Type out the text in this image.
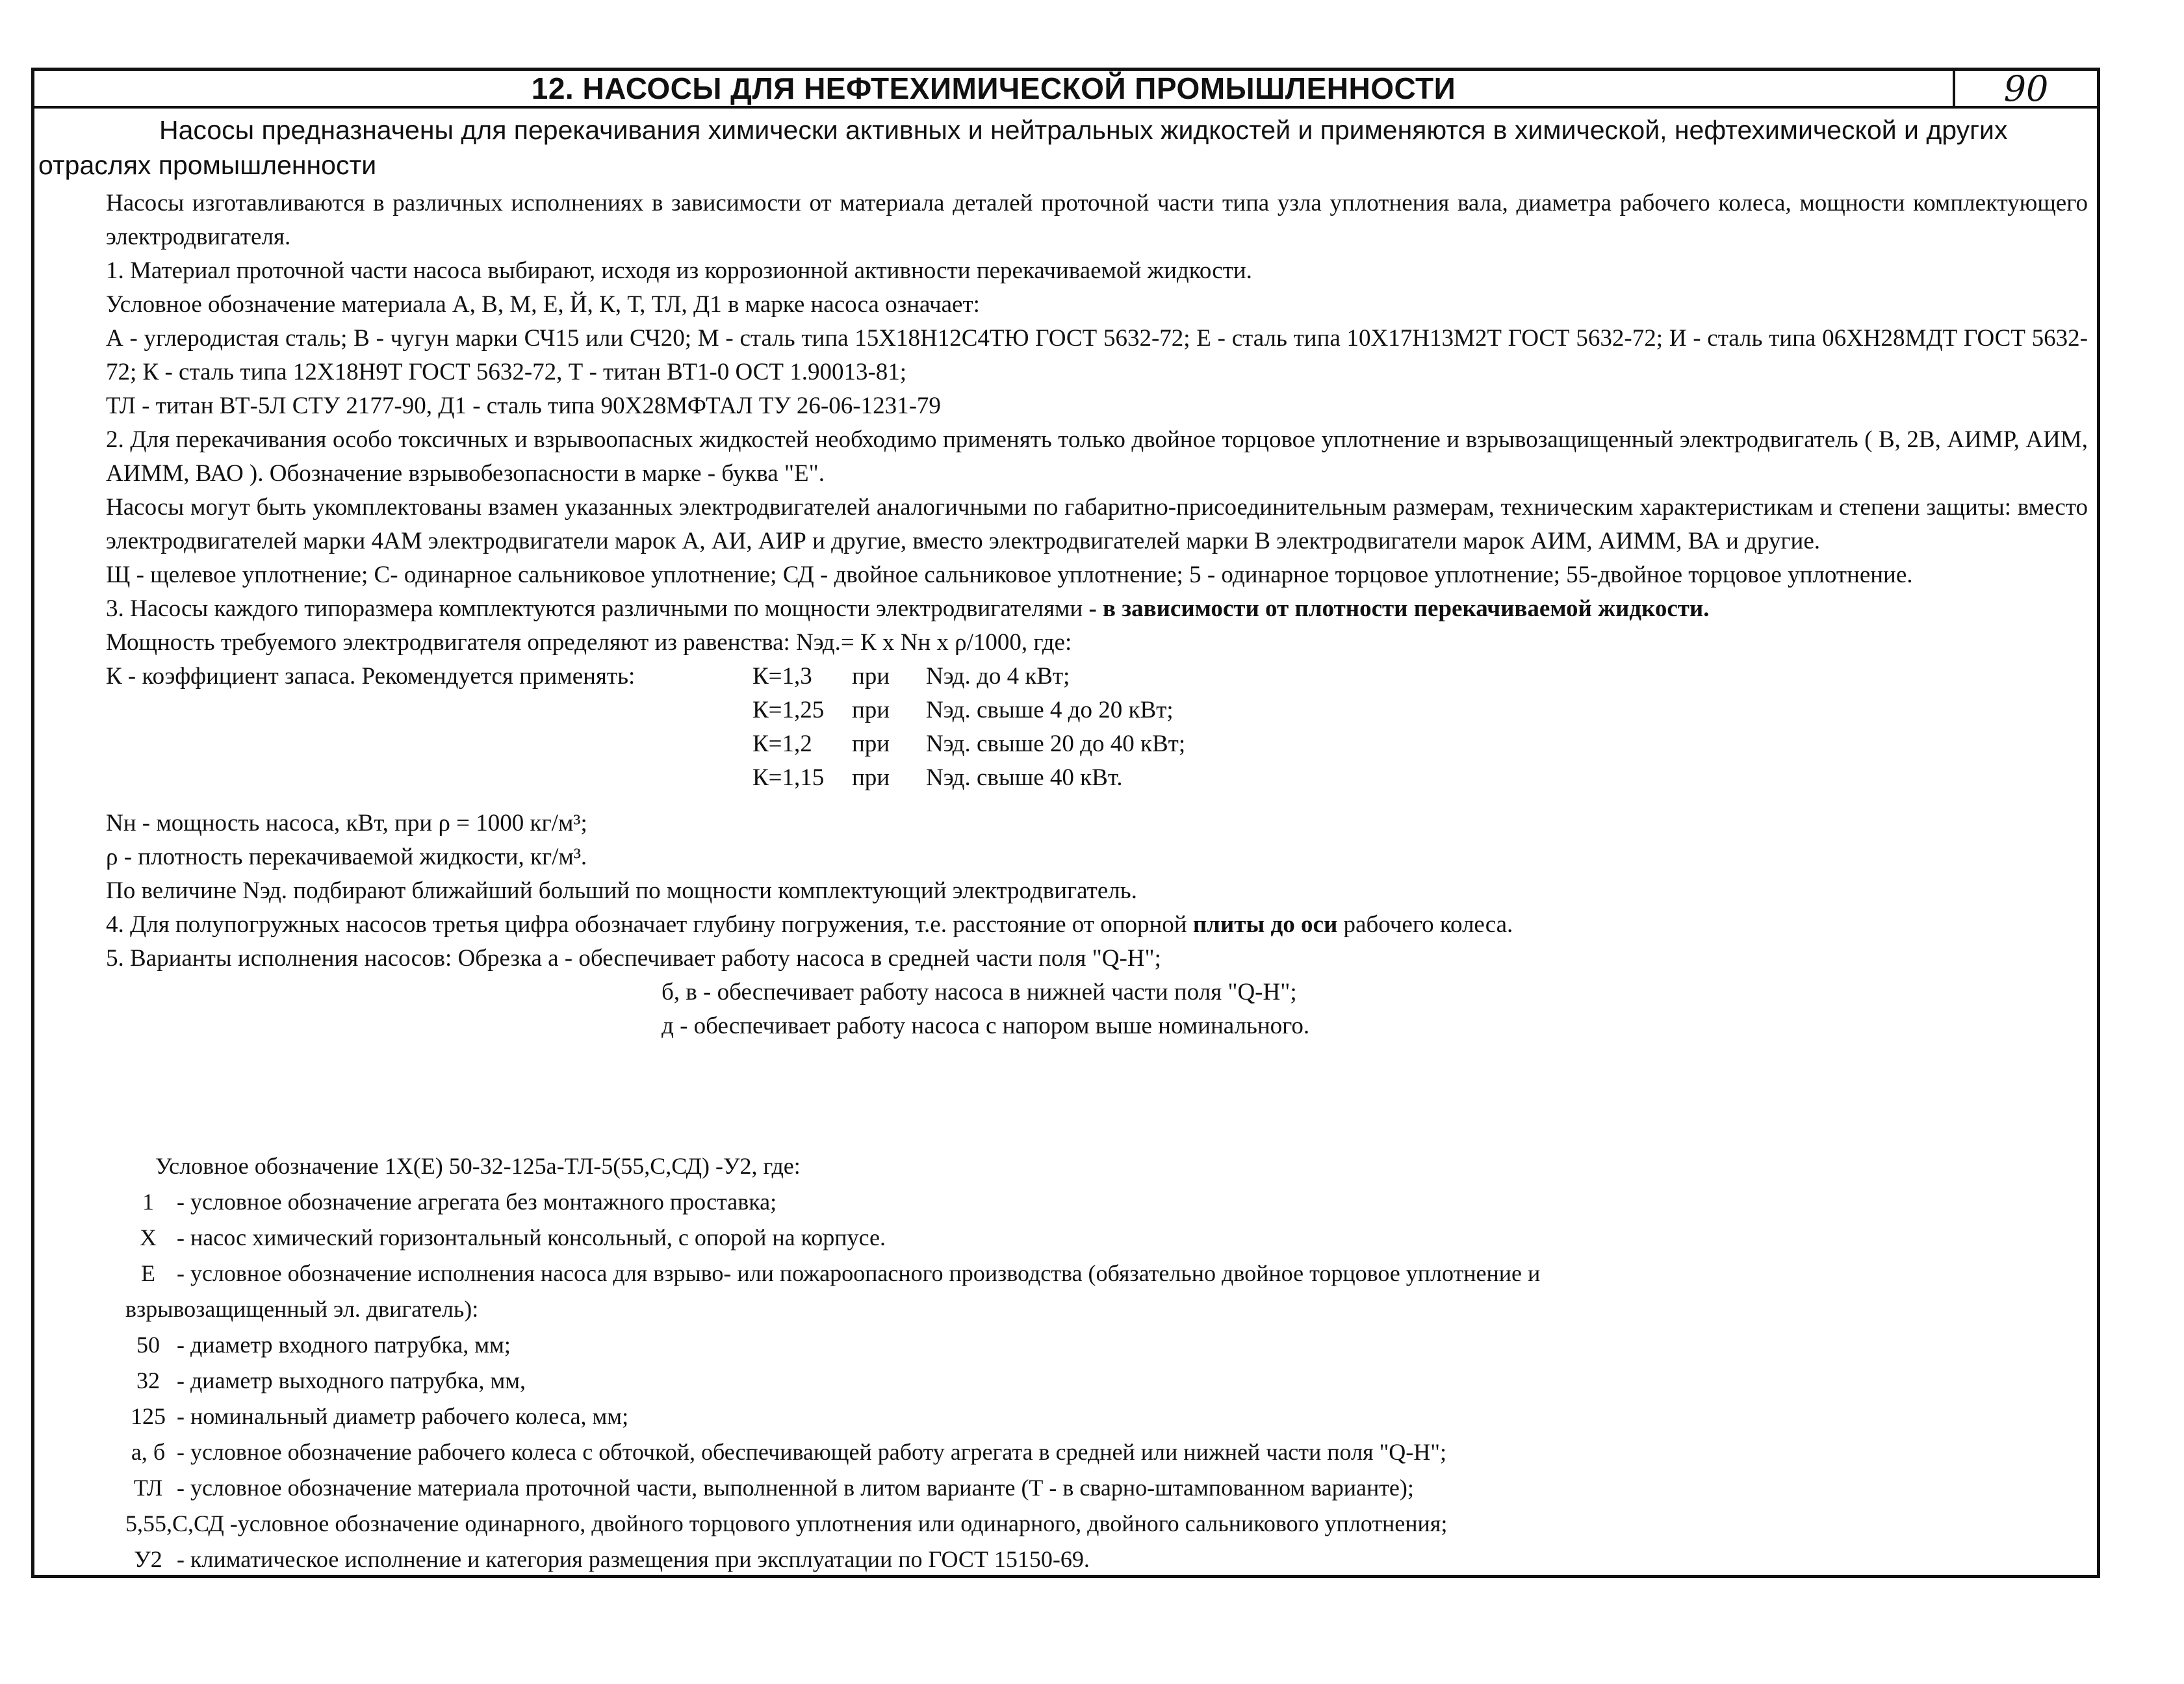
12. НАСОСЫ ДЛЯ НЕФТЕХИМИЧЕСКОЙ ПРОМЫШЛЕННОСТИ	90
Насосы предназначены для перекачивания химически активных и нейтральных жидкостей и применяются в химической, нефтехимической и других отраслях промышленности

Насосы изготавливаются в различных исполнениях в зависимости от материала деталей проточной части типа узла уплотнения вала, диаметра рабочего колеса, мощности комплектующего электродвигателя.

1. Материал проточной части насоса выбирают, исходя из коррозионной активности перекачиваемой жидкости.

Условное обозначение материала А, В, М, Е, Й, К, Т, ТЛ, Д1 в марке насоса означает:

А - углеродистая сталь; В - чугун марки СЧ15 или СЧ20; М - сталь типа 15Х18Н12С4ТЮ ГОСТ 5632-72; Е - сталь типа 10Х17Н13М2Т ГОСТ 5632-72; И - сталь типа 06ХН28МДТ ГОСТ 5632-72; К - сталь типа 12Х18Н9Т ГОСТ 5632-72, Т - титан ВТ1-0 ОСТ 1.90013-81;

ТЛ - титан ВТ-5Л СТУ 2177-90, Д1 - сталь типа 90Х28МФТАЛ ТУ 26-06-1231-79

2. Для перекачивания особо токсичных и взрывоопасных жидкостей необходимо применять только двойное торцовое уплотнение и взрывозащищенный электродвигатель ( В, 2В, АИМР, АИМ, АИММ, ВАО ). Обозначение взрывобезопасности в марке - буква "Е".

Насосы могут быть укомплектованы взамен указанных электродвигателей аналогичными по габаритно-присоединительным размерам, техническим характеристикам и степени защиты: вместо электродвигателей марки 4АМ электродвигатели марок А, АИ, АИР и другие, вместо электродвигателей марки В электродвигатели марок АИМ, АИММ, ВА и другие.

Щ - щелевое уплотнение; С- одинарное сальниковое уплотнение; СД - двойное сальниковое уплотнение; 5 - одинарное торцовое уплотнение; 55-двойное торцовое уплотнение.

3. Насосы каждого типоразмера комплектуются различными по мощности электродвигателями - в зависимости от плотности перекачиваемой жидкости.

Мощность требуемого электродвигателя определяют из равенства: Nэд.= К х Nн х ρ/1000, где:

К - коэффициент запаса. Рекомендуется применять:	К=1,3 при Nэд. до 4 кВт;
К=1,25 при Nэд. свыше 4 до 20 кВт;
К=1,2 при Nэд. свыше 20 до 40 кВт;
К=1,15 при Nэд. свыше 40 кВт.

Nн - мощность насоса, кВт, при ρ = 1000 кг/м³;

ρ - плотность перекачиваемой жидкости, кг/м³.

По величине Nэд. подбирают ближайший больший по мощности комплектующий электродвигатель.

4. Для полупогружных насосов третья цифра обозначает глубину погружения, т.е. расстояние от опорной плиты до оси рабочего колеса.

5. Варианты исполнения насосов: Обрезка а - обеспечивает работу насоса в средней части поля "Q-Н";

б, в - обеспечивает работу насоса в нижней части поля "Q-Н";

д - обеспечивает работу насоса с напором выше номинального.

Условное обозначение 1Х(Е) 50-32-125а-ТЛ-5(55,С,СД) -У2, где:
1 - условное обозначение агрегата без монтажного проставка;
Х - насос химический горизонтальный консольный, с опорой на корпусе.
Е - условное обозначение исполнения насоса для взрыво- или пожароопасного производства (обязательно двойное торцовое уплотнение и
взрывозащищенный эл. двигатель):
50 - диаметр входного патрубка, мм;
32 - диаметр выходного патрубка, мм,
125 - номинальный диаметр рабочего колеса, мм;
а, б - условное обозначение рабочего колеса с обточкой, обеспечивающей работу агрегата в средней или нижней части поля "Q-Н";
ТЛ - условное обозначение материала проточной части, выполненной в литом варианте (Т - в сварно-штампованном варианте);
5,55,С,СД -условное обозначение одинарного, двойного торцового уплотнения или одинарного, двойного сальникового уплотнения;
У2 - климатическое исполнение и категория размещения при эксплуатации по ГОСТ 15150-69.
